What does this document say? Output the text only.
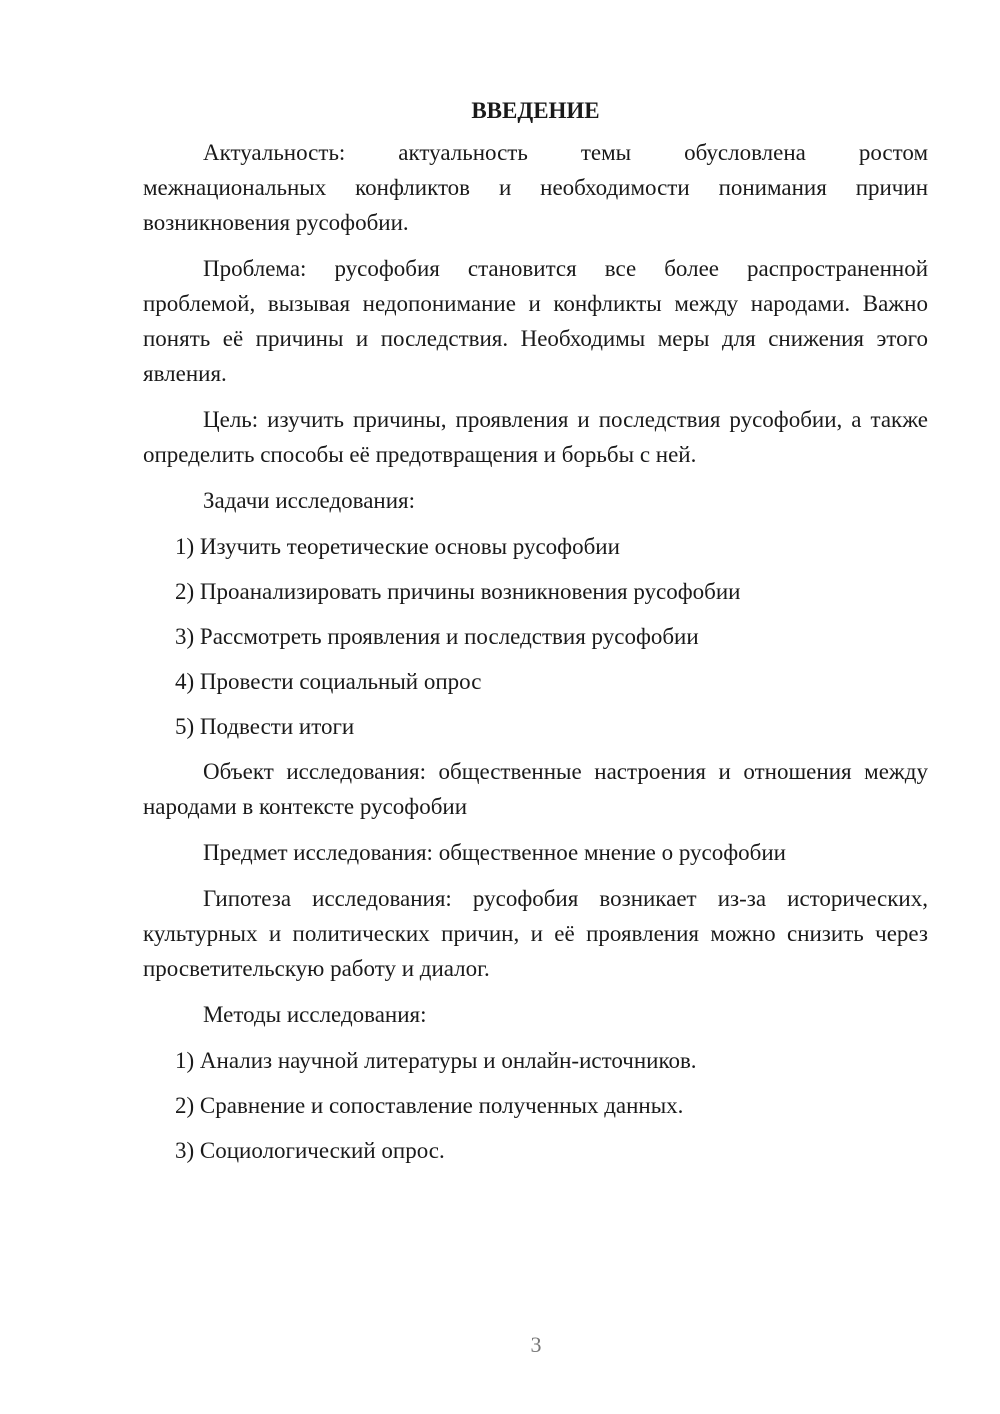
ВВЕДЕНИЕ

Актуальность: актуальность темы обусловлена ростом межнациональных конфликтов и необходимости понимания причин возникновения русофобии.

Проблема: русофобия становится все более распространенной проблемой, вызывая недопонимание и конфликты между народами. Важно понять её причины и последствия. Необходимы меры для снижения этого явления.

Цель: изучить причины, проявления и последствия русофобии, а также определить способы её предотвращения и борьбы с ней.

Задачи исследования:

1) Изучить теоретические основы русофобии

2) Проанализировать причины возникновения русофобии

3) Рассмотреть проявления и последствия русофобии

4) Провести социальный опрос

5) Подвести итоги

Объект исследования: общественные настроения и отношения между народами в контексте русофобии

Предмет исследования: общественное мнение о русофобии

Гипотеза исследования: русофобия возникает из-за исторических, культурных и политических причин, и её проявления можно снизить через просветительскую работу и диалог.

Методы исследования:

1) Анализ научной литературы и онлайн-источников.

2) Сравнение и сопоставление полученных данных.

3) Социологический опрос.

3
